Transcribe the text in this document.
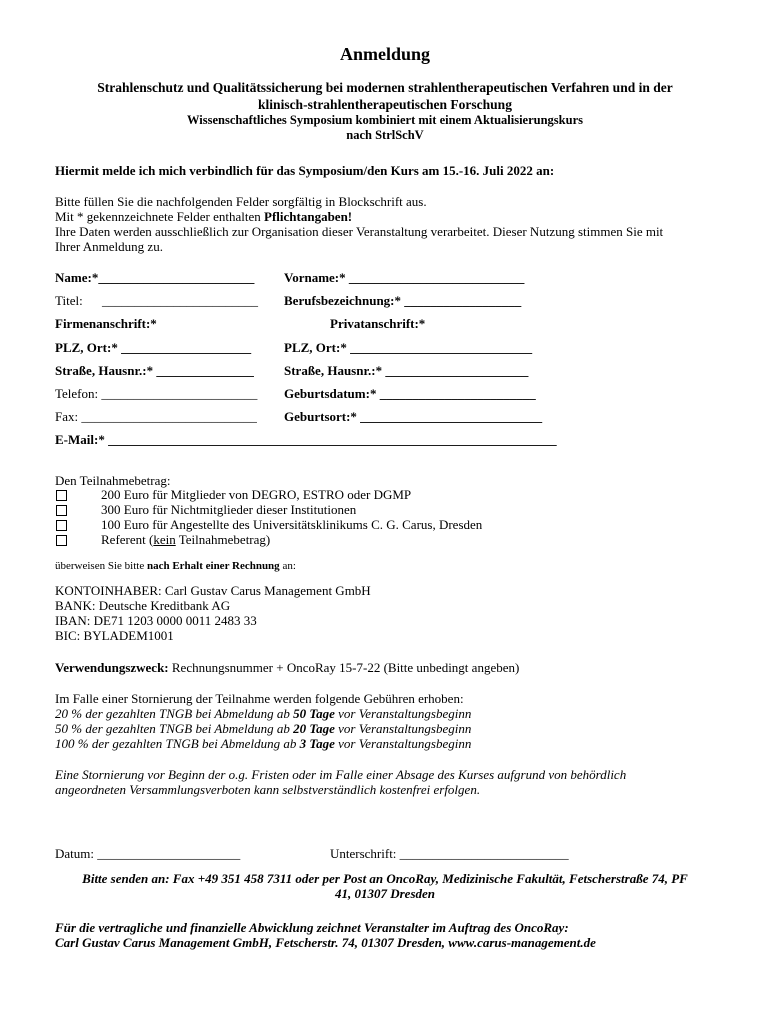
Anmeldung
Strahlenschutz und Qualitätssicherung bei modernen strahlentherapeutischen Verfahren und in der
klinisch-strahlentherapeutischen Forschung
Wissenschaftliches Symposium kombiniert mit einem Aktualisierungskurs
nach StrlSchV
Hiermit melde ich mich verbindlich für das Symposium/den Kurs am 15.-16. Juli 2022 an:
Bitte füllen Sie die nachfolgenden Felder sorgfältig in Blockschrift aus.
Mit * gekennzeichnete Felder enthalten Pflichtangaben!
Ihre Daten werden ausschließlich zur Organisation dieser Veranstaltung verarbeitet. Dieser Nutzung stimmen Sie mit
Ihrer Anmeldung zu.
Name:*________________________ Vorname:* ___________________________
Titel: ________________________ Berufsbezeichnung:* __________________
Firmenanschrift:*	Privatanschrift:*
PLZ, Ort:* ____________________	PLZ, Ort:* ____________________________
Straße, Hausnr.:* _______________ Straße, Hausnr.:* ______________________
Telefon: ________________________ Geburtsdatum:* ________________________
Fax: ___________________________ Geburtsort:* ____________________________
E-Mail:* _____________________________________________________________________
Den Teilnahmebetrag:
200 Euro für Mitglieder von DEGRO, ESTRO oder DGMP
300 Euro für Nichtmitglieder dieser Institutionen
100 Euro für Angestellte des Universitätsklinikums C. G. Carus, Dresden
Referent (kein Teilnahmebetrag)
überweisen Sie bitte nach Erhalt einer Rechnung an:
KONTOINHABER: Carl Gustav Carus Management GmbH
BANK: Deutsche Kreditbank AG
IBAN: DE71 1203 0000 0011 2483 33
BIC: BYLADEM1001
Verwendungszweck: Rechnungsnummer + OncoRay 15-7-22 (Bitte unbedingt angeben)
Im Falle einer Stornierung der Teilnahme werden folgende Gebühren erhoben:
20 % der gezahlten TNGB bei Abmeldung ab 50 Tage vor Veranstaltungsbeginn
50 % der gezahlten TNGB bei Abmeldung ab 20 Tage vor Veranstaltungsbeginn
100 % der gezahlten TNGB bei Abmeldung ab 3 Tage vor Veranstaltungsbeginn
Eine Stornierung vor Beginn der o.g. Fristen oder im Falle einer Absage des Kurses aufgrund von behördlich
angeordneten Versammlungsverboten kann selbstverständlich kostenfrei erfolgen.
Datum: ______________________	Unterschrift: __________________________
Bitte senden an: Fax +49 351 458 7311 oder per Post an OncoRay, Medizinische Fakultät, Fetscherstraße 74, PF
41, 01307 Dresden
Für die vertragliche und finanzielle Abwicklung zeichnet Veranstalter im Auftrag des OncoRay:
Carl Gustav Carus Management GmbH, Fetscherstr. 74, 01307 Dresden, www.carus-management.de
